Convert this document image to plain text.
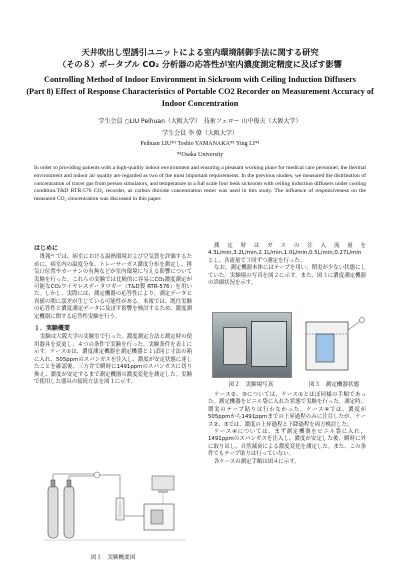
天井吹出し型誘引ユニットによる室内環境制御手法に関する研究
（その８）ポータブル CO₂ 分析器の応答性が室内濃度測定精度に及ぼす影響
Controlling Method of Indoor Environment in Sickroom with Ceiling Induction Diffusers
(Part 8) Effect of Response Characteristics of Portable CO2 Recorder on Measurement Accuracy of
Indoor Concentration
学生会員 ○LIU Peihuan（大阪大学）　技術フェロー 山中俊夫（大阪大学）
学生会員 李 僚（大阪大学）
Peihuan LIU*¹ Toshio YAMANAKA*¹ Ying LI*¹
*¹Osaka University
In order to providing patients with a high-quality indoor environment and ensuring a pleasant working place for medical care personnel, the thermal environment and indoor air quality are regarded as two of the most important requirements. In the previous studies, we measured the distribution of concentration of tracer gas from person simulators, and temperature in a full scale four beds sickroom with ceiling induction diffusers under cooling condition.T&D RTR-576 CO₂ recorder, as carbon dioxide concentration tester was used in this study. The influence of responsiveness on the measured CO₂ concentration was discussed in this paper.
はじめに

既報¹⁾ では、病室における温熱環境および空気質を評価するために、病室内の温度分布、トレーサーガス濃度分布を測定し、排気口位置やカーテンの有無などが室内環境に与える影響について実験を行った。これらの実験では比較的に容易にCO₂濃度測定が可能なCO₂ワイヤレスデータロガー（T&D製 RTR-576）を用いた。しかし、実際には、測定機器の応答性により、測定データと真値の間に誤差が生じている可能性がある。本報では、既往実験の応答性と濃度測定データに及ぼす影響を検討するため、濃度測定機器に関する応答性実験を行う。

１．実験概要

実験は大阪大学の実験室で行った。濃度測定方法と測定時の使用器具を変更し、４つの条件で実験を行った。実験条件を表１に示す。ケース①は、濃度測定機器を測定機器と１ぱ同じ寸法の箱に入れ、505ppmのスパンガスを注入し、濃度が安定状態に達したことを確認後、三方弁で瞬時に1491ppmのスパンガスに切り換え、濃度が安定するまで測定機器の濃度変化を測定した。実験で使用した器具の接続方法を図１に示す。

図１　実験概要図

測定時はガスの注入流量を4.3L/min,3.2L/min,2.1L/min,1.0L/min,0.5L/min,0.27L/minとし、各流量で３回ずつ測定を行った。

なお、測定機器本体にはテープを用い、期実が少ない状態にしていた。実験場の写真を図２に示す。また、図３に濃度測定機器の詳細状況を示す。

図２　実験場写真	図３　測定機器状態

ケース②、③については、ケース①とほぼ同様の手順であった。測定機器をビニル袋に入れた状態で実験を行った。測定時、期実のテープ貼りは行わなかった。ケース④では、濃度が505ppmから1491ppmまでの上昇過程のみに注目したが、ケース②、③では、濃度の上昇過程と下降過程を両方検討した。

ケース④については、まず測定機器をビニル袋に入れ、1491ppmのスパンガスを注入し、濃度が安定した後、瞬時に外に取り出し、自然減衰による濃度変化を測定した。また、この条件でもテープ貼りは行っていない。

各ケースの測定手順は図４に示す。
